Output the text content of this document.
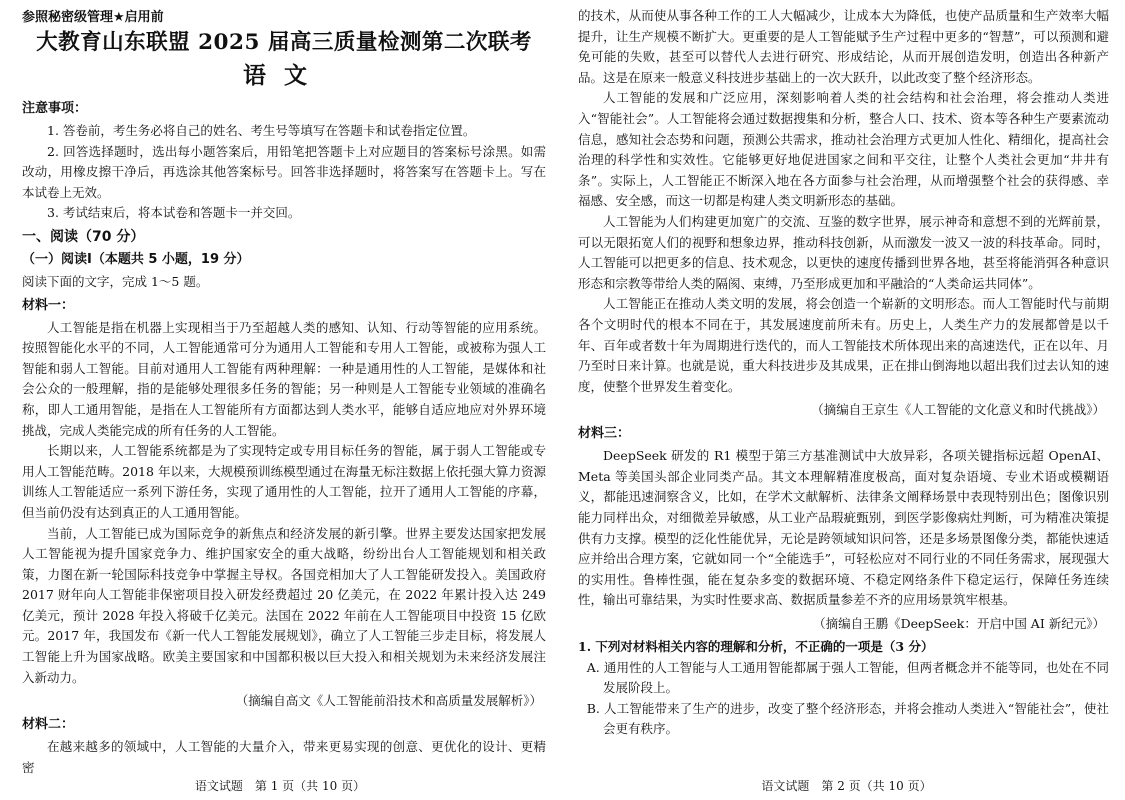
参照秘密级管理★启用前
大教育山东联盟 2025 届高三质量检测第二次联考
语文
注意事项：

1. 答卷前，考生务必将自己的姓名、考生号等填写在答题卡和试卷指定位置。

2. 回答选择题时，选出每小题答案后，用铅笔把答题卡上对应题目的答案标号涂黑。如需改动，用橡皮擦干净后，再选涂其他答案标号。回答非选择题时，将答案写在答题卡上。写在本试卷上无效。

3. 考试结束后，将本试卷和答题卡一并交回。

一、阅读（70 分）
（一）阅读Ⅰ（本题共 5 小题，19 分）

阅读下面的文字，完成 1～5 题。

材料一：

人工智能是指在机器上实现相当于乃至超越人类的感知、认知、行动等智能的应用系统。按照智能化水平的不同，人工智能通常可分为通用人工智能和专用人工智能，或被称为强人工智能和弱人工智能。目前对通用人工智能有两种理解：一种是通用性的人工智能，是媒体和社会公众的一般理解，指的是能够处理很多任务的智能；另一种则是人工智能专业领域的准确名称，即人工通用智能，是指在人工智能所有方面都达到人类水平，能够自适应地应对外界环境挑战，完成人类能完成的所有任务的人工智能。

长期以来，人工智能系统都是为了实现特定或专用目标任务的智能，属于弱人工智能或专用人工智能范畴。2018 年以来，大规模预训练模型通过在海量无标注数据上依托强大算力资源训练人工智能适应一系列下游任务，实现了通用性的人工智能，拉开了通用人工智能的序幕，但当前仍没有达到真正的人工通用智能。

当前，人工智能已成为国际竞争的新焦点和经济发展的新引擎。世界主要发达国家把发展人工智能视为提升国家竞争力、维护国家安全的重大战略，纷纷出台人工智能规划和相关政策，力图在新一轮国际科技竞争中掌握主导权。各国竞相加大了人工智能研发投入。美国政府2017 财年向人工智能非保密项目投入研发经费超过 20 亿美元，在 2022 年累计投入达 249 亿美元，预计 2028 年投入将破千亿美元。法国在 2022 年前在人工智能项目中投资 15 亿欧元。2017 年，我国发布《新一代人工智能发展规划》，确立了人工智能三步走目标，将发展人工智能上升为国家战略。欧美主要国家和中国都积极以巨大投入和相关规划为未来经济发展注入新动力。

（摘编自高文《人工智能前沿技术和高质量发展解析》）
材料二：

在越来越多的领域中，人工智能的大量介入，带来更易实现的创意、更优化的设计、更精密

语文试题　第 1 页（共 10 页）

的技术，从而使从事各种工作的工人大幅减少，让成本大为降低，也使产品质量和生产效率大幅提升，让生产规模不断扩大。更重要的是人工智能赋予生产过程中更多的“智慧”，可以预测和避免可能的失败，甚至可以替代人去进行研究、形成结论，从而开展创造发明，创造出各种新产品。这是在原来一般意义科技进步基础上的一次大跃升，以此改变了整个经济形态。

人工智能的发展和广泛应用，深刻影响着人类的社会结构和社会治理，将会推动人类进入“智能社会”。人工智能将会通过数据搜集和分析，整合人口、技术、资本等各种生产要素流动信息，感知社会态势和问题，预测公共需求，推动社会治理方式更加人性化、精细化，提高社会治理的科学性和实效性。它能够更好地促进国家之间和平交往，让整个人类社会更加“井井有条”。实际上，人工智能正不断深入地在各方面参与社会治理，从而增强整个社会的获得感、幸福感、安全感，而这一切都是构建人类文明新形态的基础。

人工智能为人们构建更加宽广的交流、互鉴的数字世界，展示神奇和意想不到的光辉前景，可以无限拓宽人们的视野和想象边界，推动科技创新，从而激发一波又一波的科技革命。同时，人工智能可以把更多的信息、技术观念，以更快的速度传播到世界各地，甚至将能消弭各种意识形态和宗教等带给人类的隔阂、束缚，乃至形成更加和平融洽的“人类命运共同体”。

人工智能正在推动人类文明的发展，将会创造一个崭新的文明形态。而人工智能时代与前期各个文明时代的根本不同在于，其发展速度前所未有。历史上，人类生产力的发展都曾是以千年、百年或者数十年为周期进行迭代的，而人工智能技术所体现出来的高速迭代，正在以年、月乃至时日来计算。也就是说，重大科技进步及其成果，正在排山倒海地以超出我们过去认知的速度，使整个世界发生着变化。

（摘编自王京生《人工智能的文化意义和时代挑战》）
材料三：

DeepSeek 研发的 R1 模型于第三方基准测试中大放异彩，各项关键指标远超 OpenAI、Meta 等美国头部企业同类产品。其文本理解精准度极高，面对复杂语境、专业术语或模糊语义，都能迅速洞察含义，比如，在学术文献解析、法律条文阐释场景中表现特别出色；图像识别能力同样出众，对细微差异敏感，从工业产品瑕疵甄别，到医学影像病灶判断，可为精准决策提供有力支撑。模型的泛化性能优异，无论是跨领域知识问答，还是多场景图像分类，都能快速适应并给出合理方案，它就如同一个“全能选手”，可轻松应对不同行业的不同任务需求，展现强大的实用性。鲁棒性强，能在复杂多变的数据环境、不稳定网络条件下稳定运行，保障任务连续性，输出可靠结果，为实时性要求高、数据质量参差不齐的应用场景筑牢根基。

（摘编自王鹏《DeepSeek：开启中国 AI 新纪元》）

1. 下列对材料相关内容的理解和分析，不正确的一项是（3 分）

A. 通用性的人工智能与人工通用智能都属于强人工智能，但两者概念并不能等同，也处在不同发展阶段上。

B. 人工智能带来了生产的进步，改变了整个经济形态，并将会推动人类进入“智能社会”，使社会更有秩序。

语文试题　第 2 页（共 10 页）
